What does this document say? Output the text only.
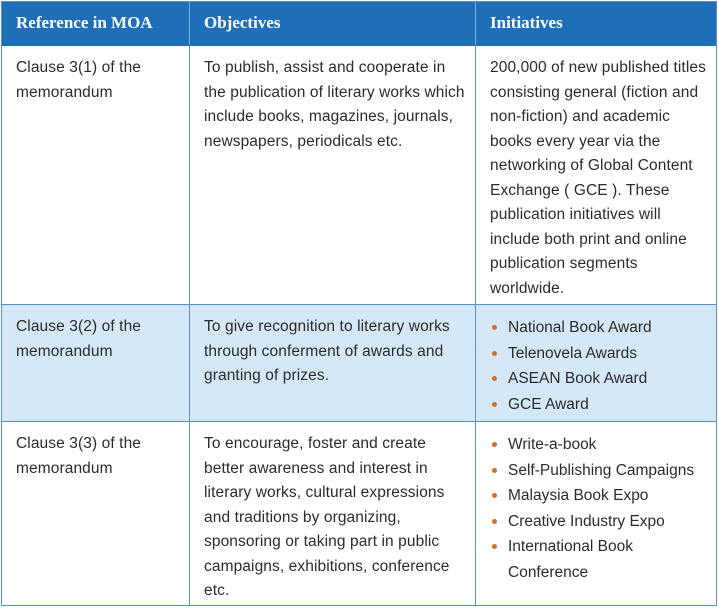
Reference in MOA	Objectives	Initiatives
Clause 3(1) of the memorandum
To publish, assist and cooperate in the publication of literary works which include books, magazines, journals, newspapers, periodicals etc.
200,000 of new published titles consisting general (fiction and non-fiction) and academic books every year via the networking of Global Content Exchange ( GCE ). These publication initiatives will include both print and online publication segments worldwide.
Clause 3(2) of the memorandum
To give recognition to literary works through conferment of awards and granting of prizes.
National Book Award
Telenovela Awards
ASEAN Book Award
GCE Award
Clause 3(3) of the memorandum
To encourage, foster and create better awareness and interest in literary works, cultural expressions and traditions by organizing, sponsoring or taking part in public campaigns, exhibitions, conference etc.
Write-a-book
Self-Publishing Campaigns
Malaysia Book Expo
Creative Industry Expo
International Book Conference
